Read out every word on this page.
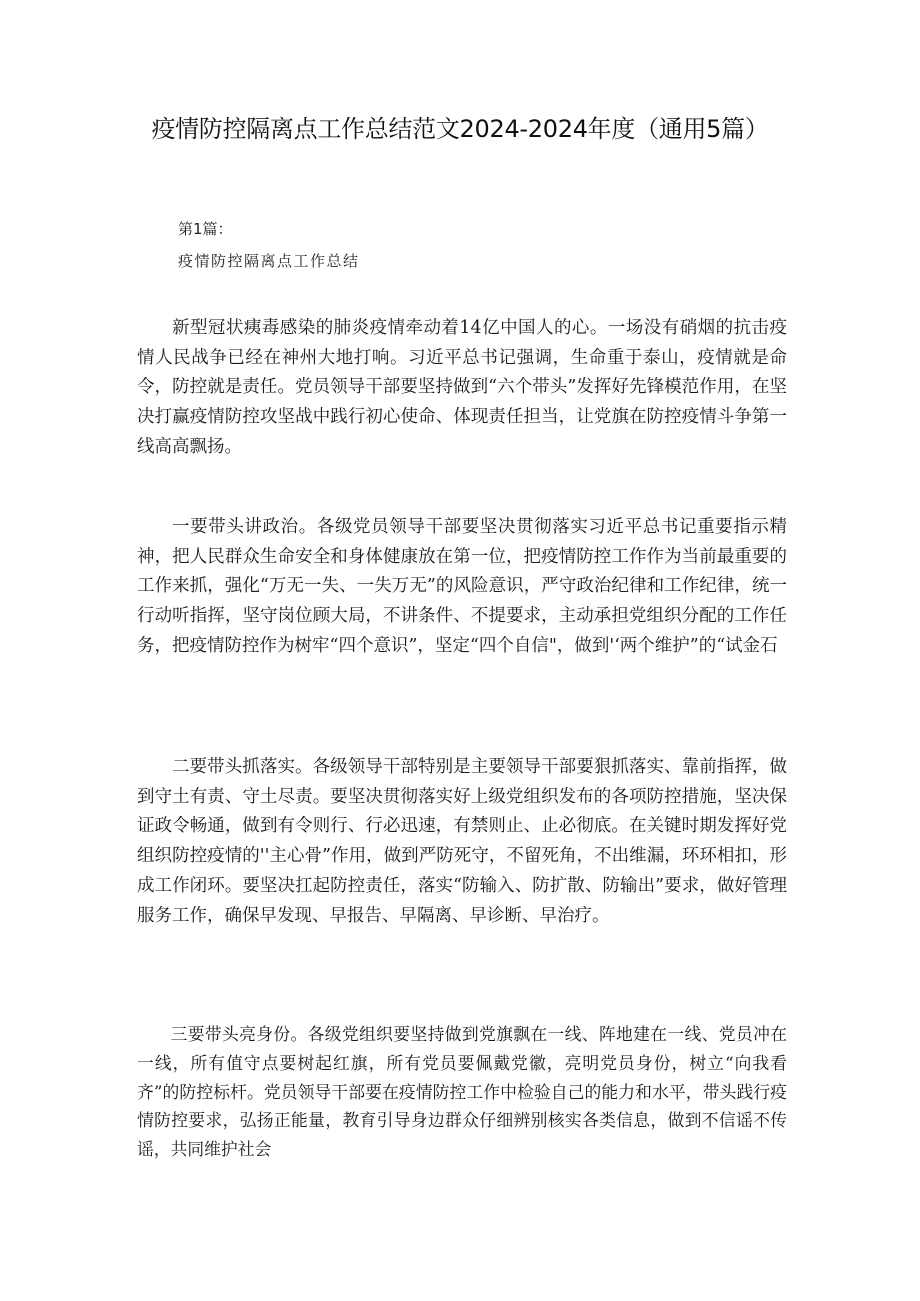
疫情防控隔离点工作总结范文2024-2024年度（通用5篇）
第1篇：
疫情防控隔离点工作总结

新型冠状痍毒感染的肺炎疫情牵动着14亿中国人的心。一场没有硝烟的抗击疫情人民战争已经在神州大地打响。习近平总书记强调，生命重于泰山，疫情就是命令，防控就是责任。党员领导干部要坚持做到“六个带头”发挥好先锋模范作用，在坚决打赢疫情防控攻坚战中践行初心使命、体现责任担当，让党旗在防控疫情斗争第一线高高飘扬。

一要带头讲政治。各级党员领导干部要坚决贯彻落实习近平总书记重要指示精神，把人民群众生命安全和身体健康放在第一位，把疫情防控工作作为当前最重要的工作来抓，强化“万无一失、一失万无”的风险意识，严守政治纪律和工作纪律，统一行动听指挥，坚守岗位顾大局，不讲条件、不提要求，主动承担党组织分配的工作任务，把疫情防控作为树牢“四个意识”，坚定“四个自信"，做到'‘两个维护”的“试金石

二要带头抓落实。各级领导干部特别是主要领导干部要狠抓落实、靠前指挥，做到守土有责、守土尽责。要坚决贯彻落实好上级党组织发布的各项防控措施，坚决保证政令畅通，做到有令则行、行必迅速，有禁则止、止必彻底。在关键时期发挥好党组织防控疫情的''主心骨”作用，做到严防死守，不留死角，不出维漏，环环相扣，形成工作闭环。要坚决扛起防控责任，落实“防输入、防扩散、防输出”要求，做好管理服务工作，确保早发现、早报告、早隔离、早诊断、早治疗。

三要带头亮身份。各级党组织要坚持做到党旗飘在一线、阵地建在一线、党员冲在一线，所有值守点要树起红旗，所有党员要佩戴党徽，亮明党员身份，树立“向我看齐”的防控标杆。党员领导干部要在疫情防控工作中检验自己的能力和水平，带头践行疫情防控要求，弘扬正能量，教育引导身边群众仔细辨别核实各类信息，做到不信谣不传谣，共同维护社会
